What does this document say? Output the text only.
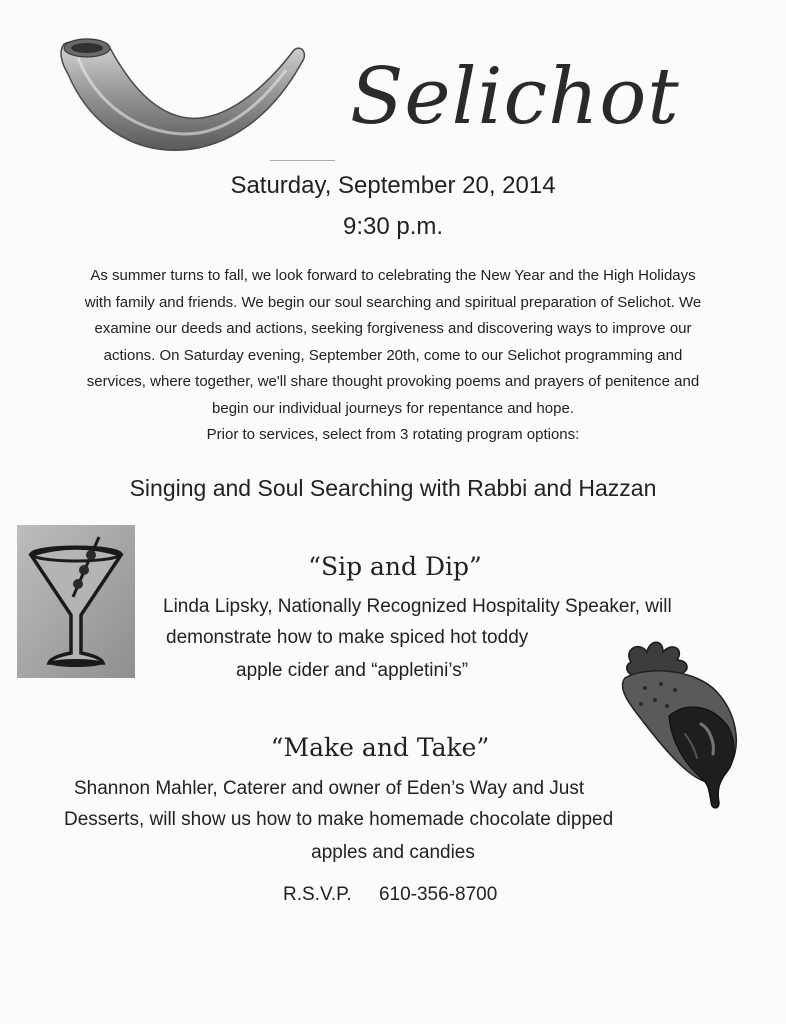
Selichot
Saturday, September 20, 2014
9:30 p.m.

As summer turns to fall, we look forward to celebrating the New Year and the High Holidays

with family and friends. We begin our soul searching and spiritual preparation of Selichot. We

examine our deeds and actions, seeking forgiveness and discovering ways to improve our

actions. On Saturday evening, September 20th, come to our Selichot programming and

services, where together, we'll share thought provoking poems and prayers of penitence and

begin our individual journeys for repentance and hope.

Prior to services, select from 3 rotating program options:

Singing and Soul Searching with Rabbi and Hazzan
“Sip and Dip”
Linda Lipsky, Nationally Recognized Hospitality Speaker, will
demonstrate how to make spiced hot toddy
apple cider and “appletini’s”
“Make and Take”
Shannon Mahler, Caterer and owner of Eden’s Way and Just
Desserts, will show us how to make homemade chocolate dipped
apples and candies
R.S.V.P. 610-356-8700
